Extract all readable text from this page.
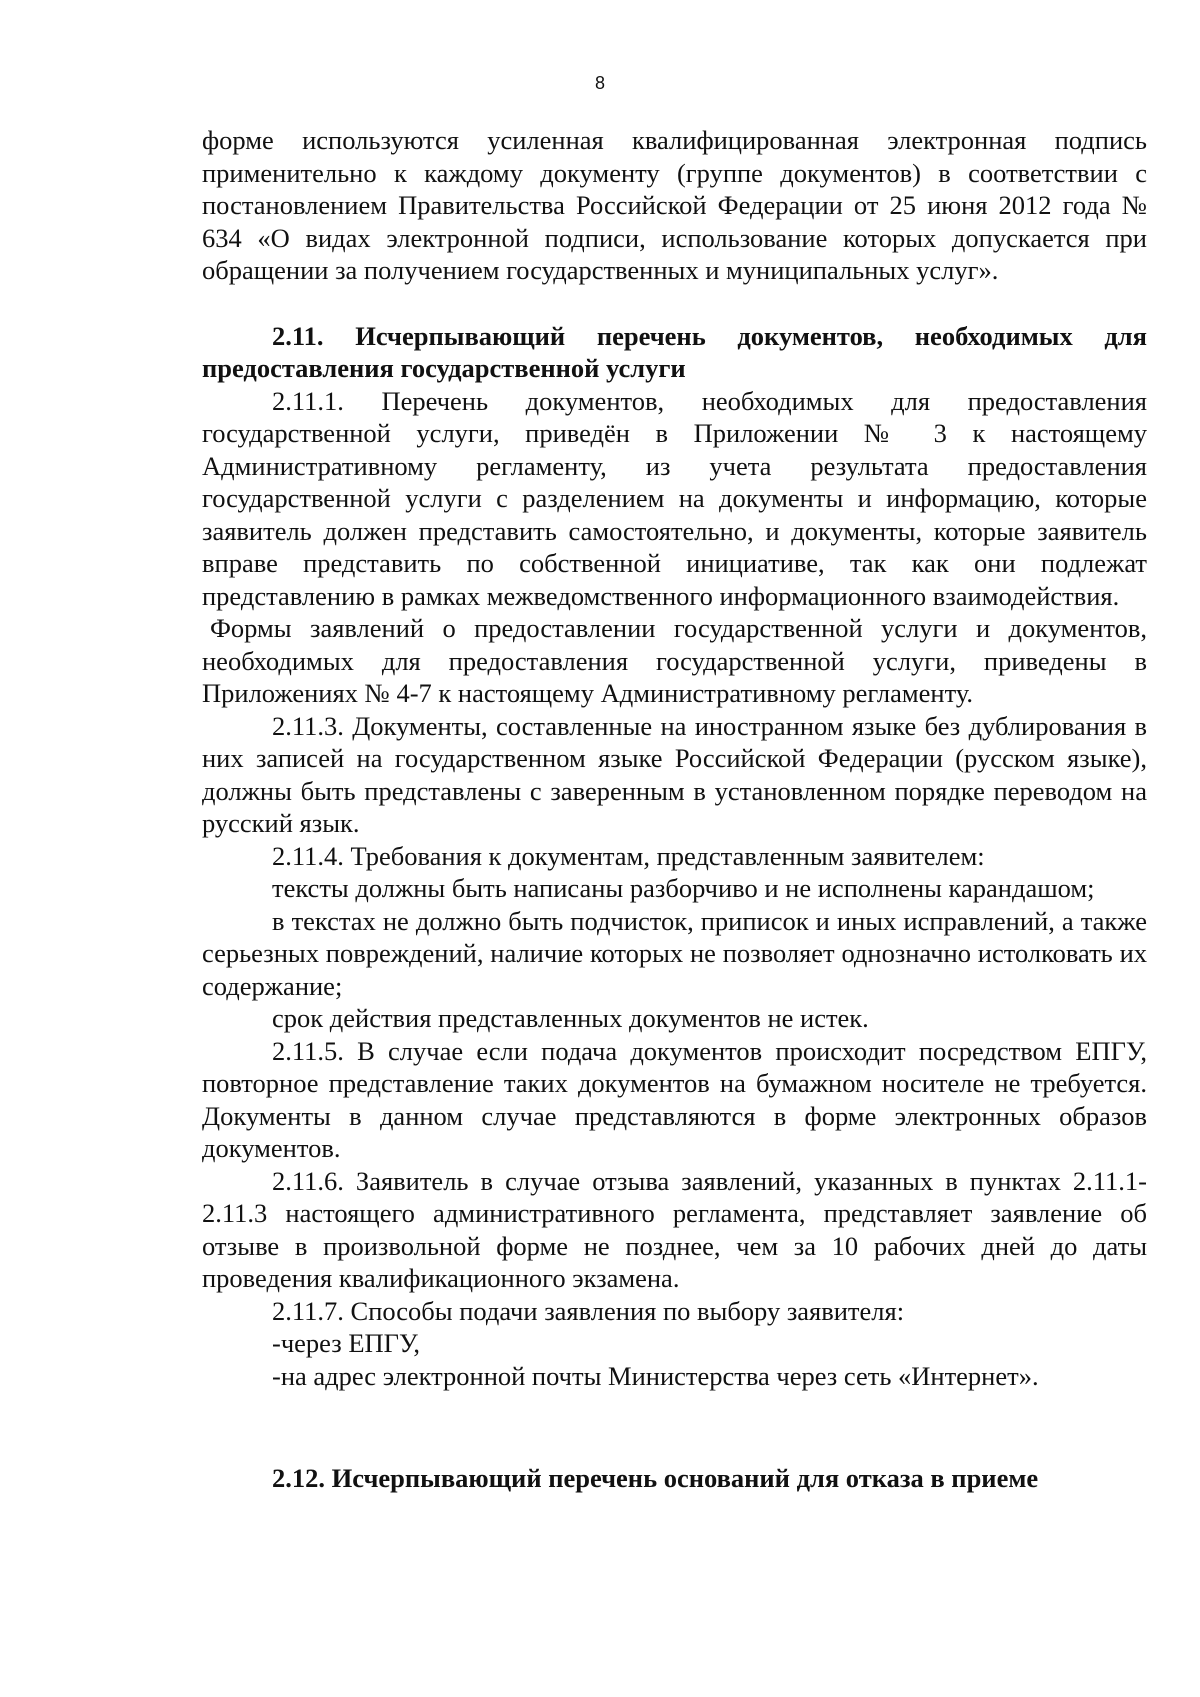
8

форме используются усиленная квалифицированная электронная подпись применительно к каждому документу (группе документов) в соответствии с постановлением Правительства Российской Федерации от 25 июня 2012 года № 634 «О видах электронной подписи, использование которых допускается при обращении за получением государственных и муниципальных услуг».

2.11. Исчерпывающий перечень документов, необходимых для предоставления государственной услуги

2.11.1. Перечень документов, необходимых для предоставления государственной услуги, приведён в Приложении № 3 к настоящему Административному регламенту, из учета результата предоставления государственной услуги с разделением на документы и информацию, которые заявитель должен представить самостоятельно, и документы, которые заявитель вправе представить по собственной инициативе, так как они подлежат представлению в рамках межведомственного информационного взаимодействия.

Формы заявлений о предоставлении государственной услуги и документов, необходимых для предоставления государственной услуги, приведены в Приложениях № 4-7 к настоящему Административному регламенту.

2.11.3. Документы, составленные на иностранном языке без дублирования в них записей на государственном языке Российской Федерации (русском языке), должны быть представлены с заверенным в установленном порядке переводом на русский язык.

2.11.4. Требования к документам, представленным заявителем:

тексты должны быть написаны разборчиво и не исполнены карандашом;

в текстах не должно быть подчисток, приписок и иных исправлений, а также серьезных повреждений, наличие которых не позволяет однозначно истолковать их содержание;

срок действия представленных документов не истек.

2.11.5. В случае если подача документов происходит посредством ЕПГУ, повторное представление таких документов на бумажном носителе не требуется. Документы в данном случае представляются в форме электронных образов документов.

2.11.6. Заявитель в случае отзыва заявлений, указанных в пунктах 2.11.1-2.11.3 настоящего административного регламента, представляет заявление об отзыве в произвольной форме не позднее, чем за 10 рабочих дней до даты проведения квалификационного экзамена.

2.11.7. Способы подачи заявления по выбору заявителя:

-через ЕПГУ,

-на адрес электронной почты Министерства через сеть «Интернет».

2.12. Исчерпывающий перечень оснований для отказа в приеме
